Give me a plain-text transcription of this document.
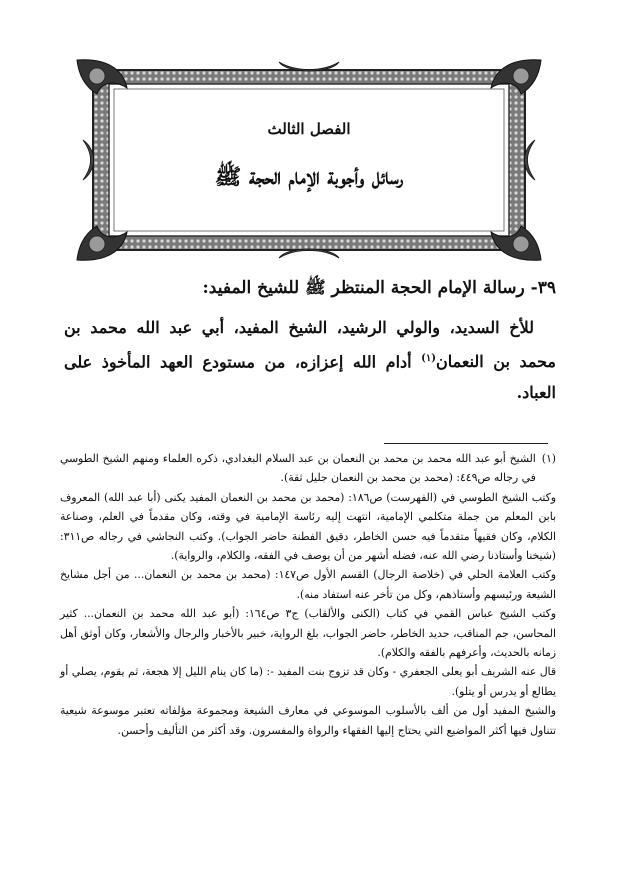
الفصل الثالث
رسائل وأجوبة الإمام الحجة ﷺ
٣٩- رسالة الإمام الحجة المنتظر ﷺ للشيخ المفيد:
للأخ السديد، والولي الرشيد، الشيخ المفيد، أبي عبد الله محمد بن محمد بن النعمان$^{(١)}$ أدام الله إعزازه، من مستودع العهد المأخوذ على العباد.
(١)

الشيخ أبو عبد الله محمد بن محمد بن النعمان بن عبد السلام البغدادي، ذكره العلماء ومنهم الشيخ الطوسي في رجاله ص٤٤٩: (محمد بن محمد بن النعمان جليل ثقة).

وكتب الشيخ الطوسي في (الفهرست) ص١٨٦: (محمد بن محمد بن النعمان المفيد يكنى (أبا عبد الله) المعروف بابن المعلم من جملة متكلمي الإمامية، انتهت إليه رئاسة الإمامية في وقته، وكان مقدماً في العلم، وصناعة الكلام، وكان فقيهاً متقدماً فيه حسن الخاطر، دقيق الفطنة حاضر الجواب). وكتب النجاشي في رجاله ص٣١١: (شيخنا وأستاذنا رضي الله عنه، فضله أشهر من أن يوصف في الفقه، والكلام، والرواية).

وكتب العلامة الحلي في (خلاصة الرجال) القسم الأول ص١٤٧: (محمد بن محمد بن النعمان... من أجل مشايخ الشيعة ورئيسهم وأستاذهم، وكل من تأخر عنه استفاد منه).

وكتب الشيخ عباس القمي في كتاب (الكنى والألقاب) ج٣ ص١٦٤: (أبو عبد الله محمد بن النعمان... كثير المحاسن، جم المناقب، حديد الخاطر، حاضر الجواب، بلغ الرواية، خبير بالأخبار والرجال والأشعار، وكان أوثق أهل زمانه بالحديث، وأعرفهم بالفقه والكلام).

قال عنه الشريف أبو يعلى الجعفري - وكان قد تزوج بنت المفيد -: (ما كان ينام الليل إلا هجعة، ثم يقوم، يصلي أو يطالع أو يدرس أو يتلو).

والشيخ المفيد أول من ألف بالأسلوب الموسوعي في معارف الشيعة ومجموعة مؤلفاته تعتبر موسوعة شيعية تتناول فيها أكثر المواضيع التي يحتاج إليها الفقهاء والرواة والمفسرون. وقد أكثر من التأليف وأحسن.
